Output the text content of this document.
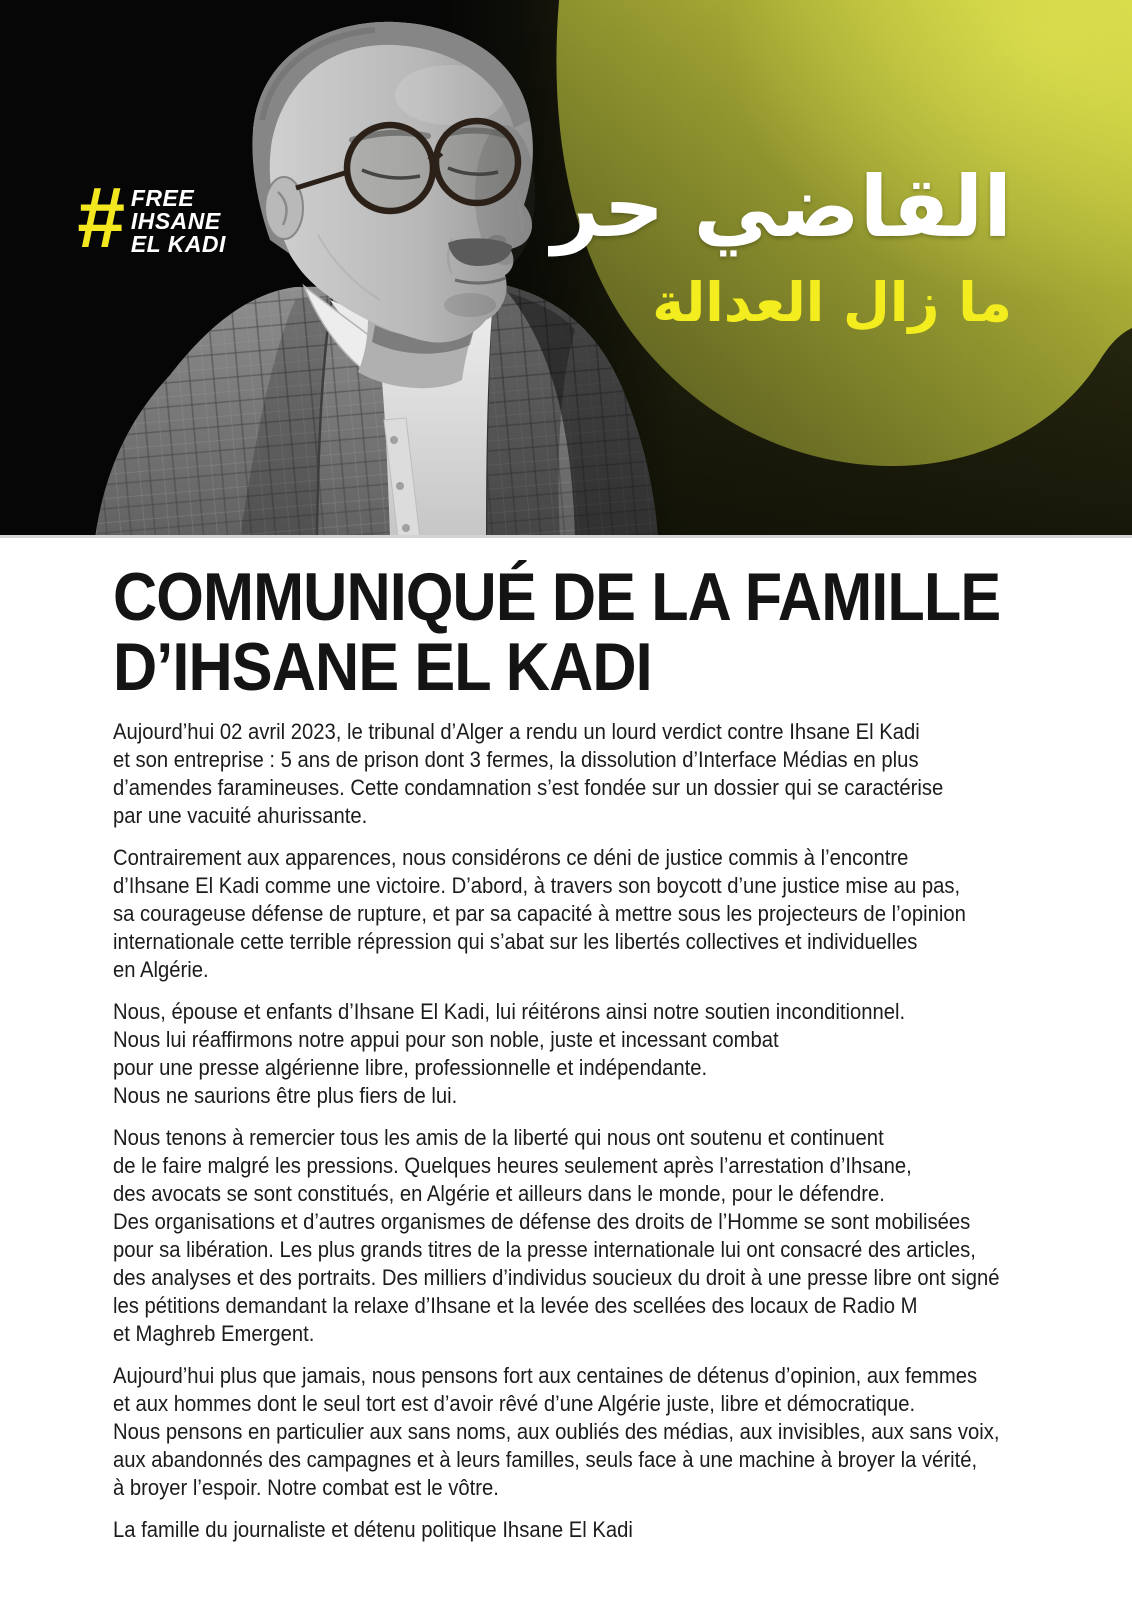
# FREE
IHSANE
EL KADI	القاضي حر
ما زال العدالة
COMMUNIQUÉ DE LA FAMILLE
D’IHSANE EL KADI
Aujourd’hui 02 avril 2023, le tribunal d’Alger a rendu un lourd verdict contre Ihsane El Kadi
et son entreprise : 5 ans de prison dont 3 fermes, la dissolution d’Interface Médias en plus
d’amendes faramineuses. Cette condamnation s’est fondée sur un dossier qui se caractérise
par une vacuité ahurissante.
Contrairement aux apparences, nous considérons ce déni de justice commis à l’encontre
d’Ihsane El Kadi comme une victoire. D’abord, à travers son boycott d’une justice mise au pas,
sa courageuse défense de rupture, et par sa capacité à mettre sous les projecteurs de l’opinion
internationale cette terrible répression qui s’abat sur les libertés collectives et individuelles
en Algérie.
Nous, épouse et enfants d’Ihsane El Kadi, lui réitérons ainsi notre soutien inconditionnel.
Nous lui réaffirmons notre appui pour son noble, juste et incessant combat
pour une presse algérienne libre, professionnelle et indépendante.
Nous ne saurions être plus fiers de lui.
Nous tenons à remercier tous les amis de la liberté qui nous ont soutenu et continuent
de le faire malgré les pressions. Quelques heures seulement après l’arrestation d’Ihsane,
des avocats se sont constitués, en Algérie et ailleurs dans le monde, pour le défendre.
Des organisations et d’autres organismes de défense des droits de l’Homme se sont mobilisées
pour sa libération. Les plus grands titres de la presse internationale lui ont consacré des articles,
des analyses et des portraits. Des milliers d’individus soucieux du droit à une presse libre ont signé
les pétitions demandant la relaxe d’Ihsane et la levée des scellées des locaux de Radio M
et Maghreb Emergent.
Aujourd’hui plus que jamais, nous pensons fort aux centaines de détenus d’opinion, aux femmes
et aux hommes dont le seul tort est d’avoir rêvé d’une Algérie juste, libre et démocratique.
Nous pensons en particulier aux sans noms, aux oubliés des médias, aux invisibles, aux sans voix,
aux abandonnés des campagnes et à leurs familles, seuls face à une machine à broyer la vérité,
à broyer l’espoir. Notre combat est le vôtre.
La famille du journaliste et détenu politique Ihsane El Kadi
